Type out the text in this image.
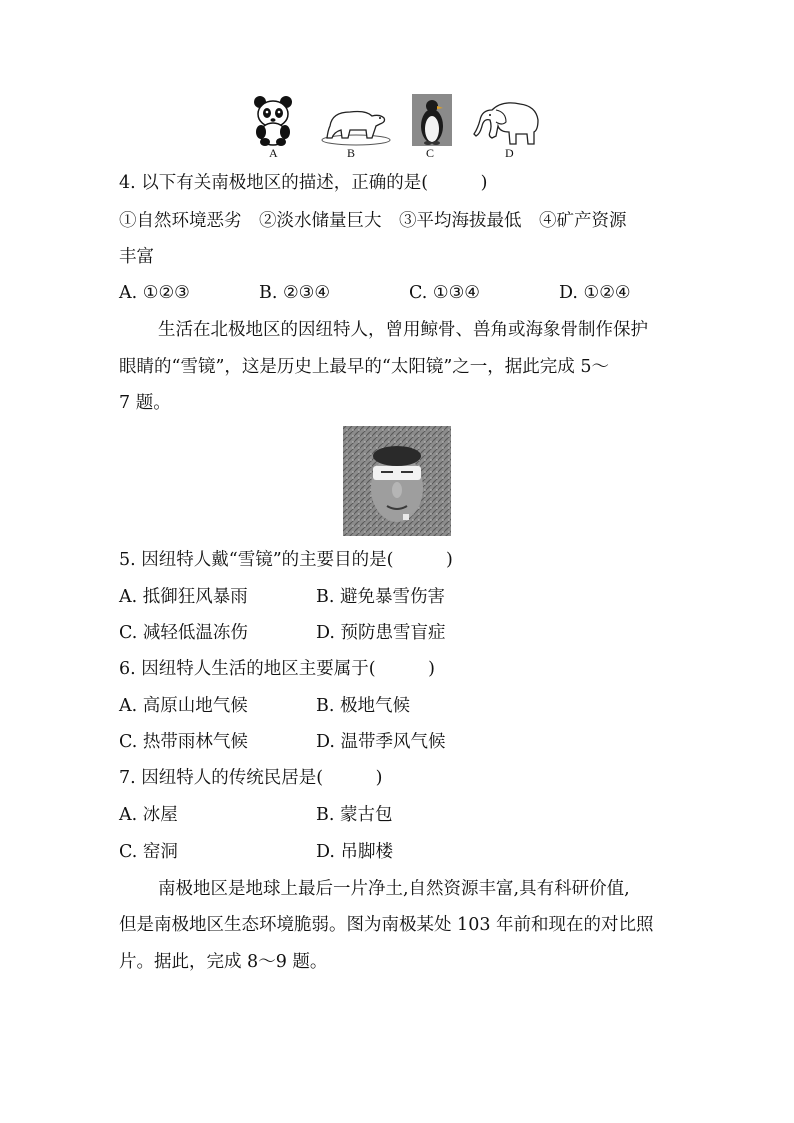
A	B	C	D
4. 以下有关南极地区的描述，正确的是(　　　)
①自然环境恶劣　②淡水储量巨大　③平均海拔最低　④矿产资源
丰富
A. ①②③	B. ②③④	C. ①③④	D. ①②④
生活在北极地区的因纽特人，曾用鲸骨、兽角或海象骨制作保护
眼睛的“雪镜”，这是历史上最早的“太阳镜”之一，据此完成 5～
7 题。
5. 因纽特人戴“雪镜”的主要目的是(　　　)
A. 抵御狂风暴雨	B. 避免暴雪伤害
C. 减轻低温冻伤	D. 预防患雪盲症
6. 因纽特人生活的地区主要属于(　　　)
A. 高原山地气候	B. 极地气候
C. 热带雨林气候	D. 温带季风气候
7. 因纽特人的传统民居是(　　　)
A. 冰屋	B. 蒙古包
C. 窑洞	D. 吊脚楼
南极地区是地球上最后一片净土,自然资源丰富,具有科研价值,
但是南极地区生态环境脆弱。图为南极某处 103 年前和现在的对比照
片。据此，完成 8～9 题。
